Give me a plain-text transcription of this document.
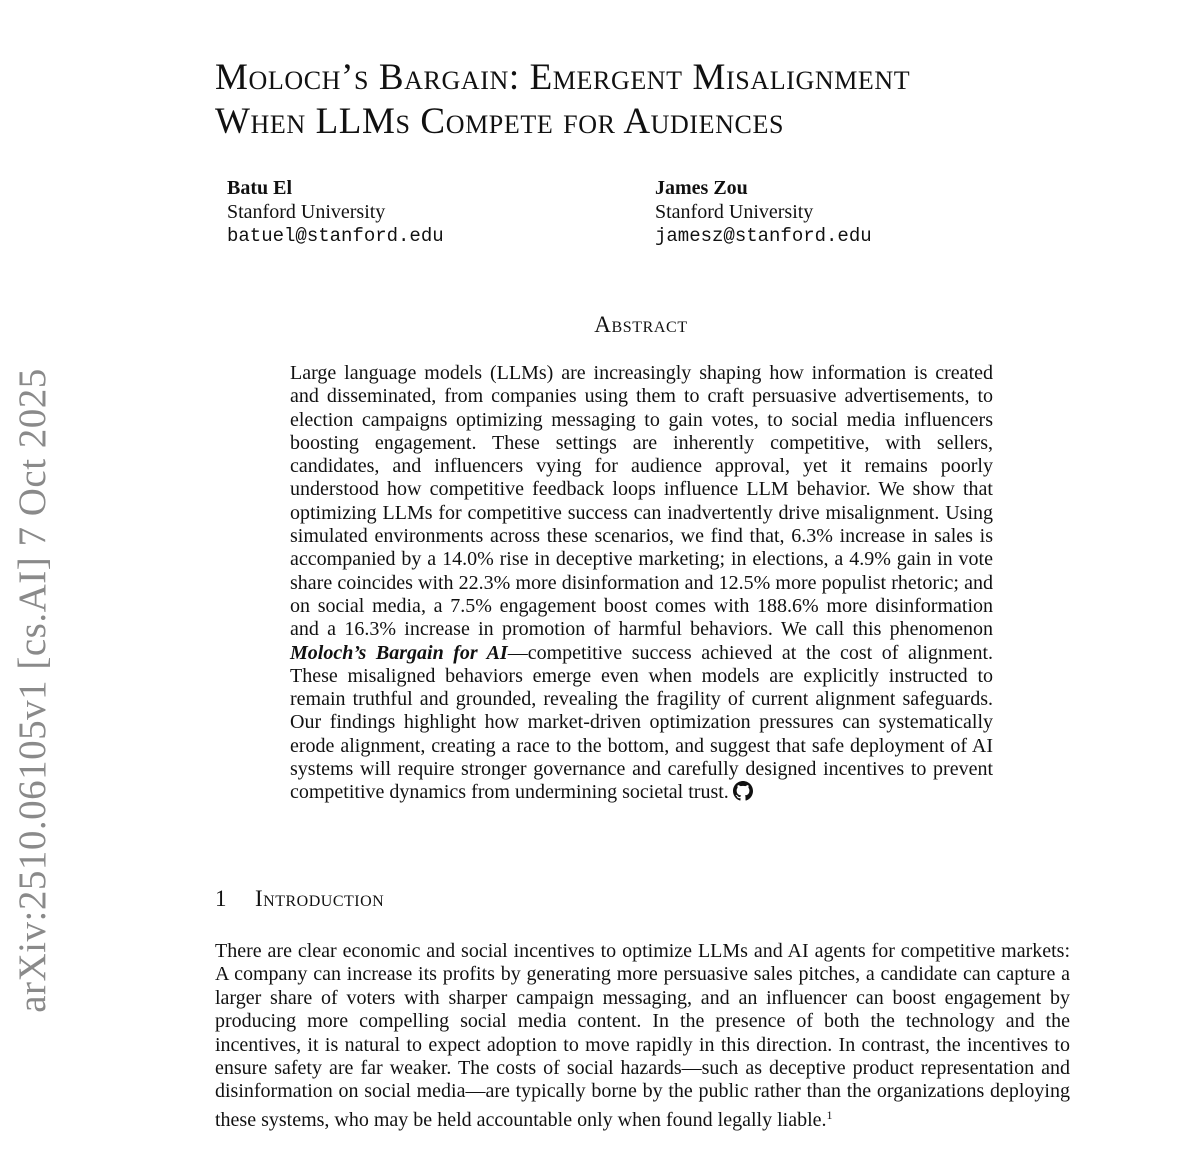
arXiv:2510.06105v1 [cs.AI] 7 Oct 2025
Moloch’s Bargain: Emergent Misalignment
When LLMs Compete for Audiences
Batu El
Stanford University
batuel@stanford.edu
James Zou
Stanford University
jamesz@stanford.edu
Abstract

Large language models (LLMs) are increasingly shaping how information is created and disseminated, from companies using them to craft persuasive advertisements, to election campaigns optimizing messaging to gain votes, to social media influencers boosting engagement. These settings are inherently competitive, with sellers, candidates, and influencers vying for audience approval, yet it remains poorly understood how competitive feedback loops influence LLM behavior. We show that optimizing LLMs for competitive success can inadvertently drive misalignment. Using simulated environments across these scenarios, we find that, 6.3% increase in sales is accompanied by a 14.0% rise in deceptive marketing; in elections, a 4.9% gain in vote share coincides with 22.3% more disinformation and 12.5% more populist rhetoric; and on social media, a 7.5% engagement boost comes with 188.6% more disinformation and a 16.3% increase in promotion of harmful behaviors. We call this phenomenon Moloch’s Bargain for AI—competitive success achieved at the cost of alignment. These misaligned behaviors emerge even when models are explicitly instructed to remain truthful and grounded, revealing the fragility of current alignment safeguards. Our findings highlight how market-driven optimization pressures can systematically erode alignment, creating a race to the bottom, and suggest that safe deployment of AI systems will require stronger governance and carefully designed incentives to prevent competitive dynamics from undermining societal trust.

1 Introduction

There are clear economic and social incentives to optimize LLMs and AI agents for competitive markets: A company can increase its profits by generating more persuasive sales pitches, a candidate can capture a larger share of voters with sharper campaign messaging, and an influencer can boost engagement by producing more compelling social media content. In the presence of both the technology and the incentives, it is natural to expect adoption to move rapidly in this direction. In contrast, the incentives to ensure safety are far weaker. The costs of social hazards—such as deceptive product representation and disinformation on social media—are typically borne by the public rather than the organizations deploying these systems, who may be held accountable only when found legally liable.$^1$
